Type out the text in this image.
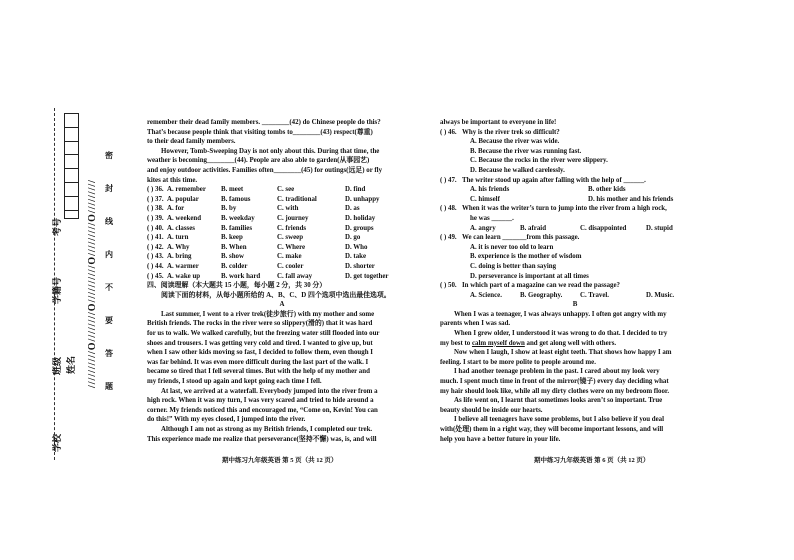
学校
班级 姓名
学籍号
考号	//////////O////////O//////////O/////////O/////////
密
封
线
内
不
要
答
题

remember their dead family members. ________(42) do Chinese people do this?

That’s because people think that visiting tombs to________(43) respect(尊重)

to their dead family members.

However, Tomb-Sweeping Day is not only about this. During that time, the

weather is becoming________(44). People are also able to garden(从事园艺)

and enjoy outdoor activities. Families often________(45) for outings(远足) or fly

kites at this time.

( ) 36. A. remember	B. meet	C. see	D. find
( ) 37. A. popular	B. famous	C. traditional	D. unhappy
( ) 38. A. for	B. by	C. with	D. as
( ) 39. A. weekend	B. weekday	C. journey	D. holiday
( ) 40. A. classes	B. families	C. friends	D. groups
( ) 41. A. turn	B. keep	C. sweep	D. go
( ) 42. A. Why	B. When	C. Where	D. Who
( ) 43. A. bring	B. show	C. make	D. take
( ) 44. A. warmer	B. colder	C. cooler	D. shorter
( ) 45. A. wake up	B. work hard	C. fall away	D. get together

四、阅读理解（本大题共 15 小题，每小题 2 分，共 30 分）

阅读下面的材料，从每小题所给的 A、B、C、D 四个选项中选出最佳选项。

A

Last summer, I went to a river trek(徒步旅行) with my mother and some

British friends. The rocks in the river were so slippery(滑的) that it was hard

for us to walk. We walked carefully, but the freezing water still flooded into our

shoes and trousers. I was getting very cold and tired. I wanted to give up, but

when I saw other kids moving so fast, I decided to follow them, even though I

was far behind. It was even more difficult during the last part of the walk. I

became so tired that I fell several times. But with the help of my mother and

my friends, I stood up again and kept going each time I fell.

At last, we arrived at a waterfall. Everybody jumped into the river from a

high rock. When it was my turn, I was very scared and tried to hide around a

corner. My friends noticed this and encouraged me, “Come on, Kevin! You can

do this!” With my eyes closed, I jumped into the river.

Although I am not as strong as my British friends, I completed our trek.

This experience made me realize that perseverance(坚持不懈) was, is, and will

期中练习九年级英语 第 5 页（共 12 页）

always be important to everyone in life!

( ) 46. Why is the river trek so difficult?

A. Because the river was wide.

B. Because the river was running fast.

C. Because the rocks in the river were slippery.

D. Because he walked carelessly.

( ) 47. The writer stood up again after falling with the help of ______.
A. his friends	B. other kids
C. himself	D. his mother and his friends
( ) 48. When it was the writer’s turn to jump into the river from a high rock,

he was ______.

A. angry	B. afraid	C. disappointed	D. stupid
( ) 49. We can learn _______from this passage.

A. it is never too old to learn

B. experience is the mother of wisdom

C. doing is better than saying

D. perseverance is important at all times

( ) 50. In which part of a magazine can we read the passage?
A. Science.	B. Geography.	C. Travel.	D. Music.

B

When I was a teenager, I was always unhappy. I often got angry with my

parents when I was sad.

When I grew older, I understood it was wrong to do that. I decided to try

my best to calm myself down and get along well with others.

Now when I laugh, I show at least eight teeth. That shows how happy I am

feeling. I start to be more polite to people around me.

I had another teenage problem in the past. I cared about my look very

much. I spent much time in front of the mirror(镜子) every day deciding what

my hair should look like, while all my dirty clothes were on my bedroom floor.

As life went on, I learnt that sometimes looks aren’t so important. True

beauty should be inside our hearts.

I believe all teenagers have some problems, but I also believe if you deal

with(处理) them in a right way, they will become important lessons, and will

help you have a better future in your life.

期中练习九年级英语 第 6 页（共 12 页）
